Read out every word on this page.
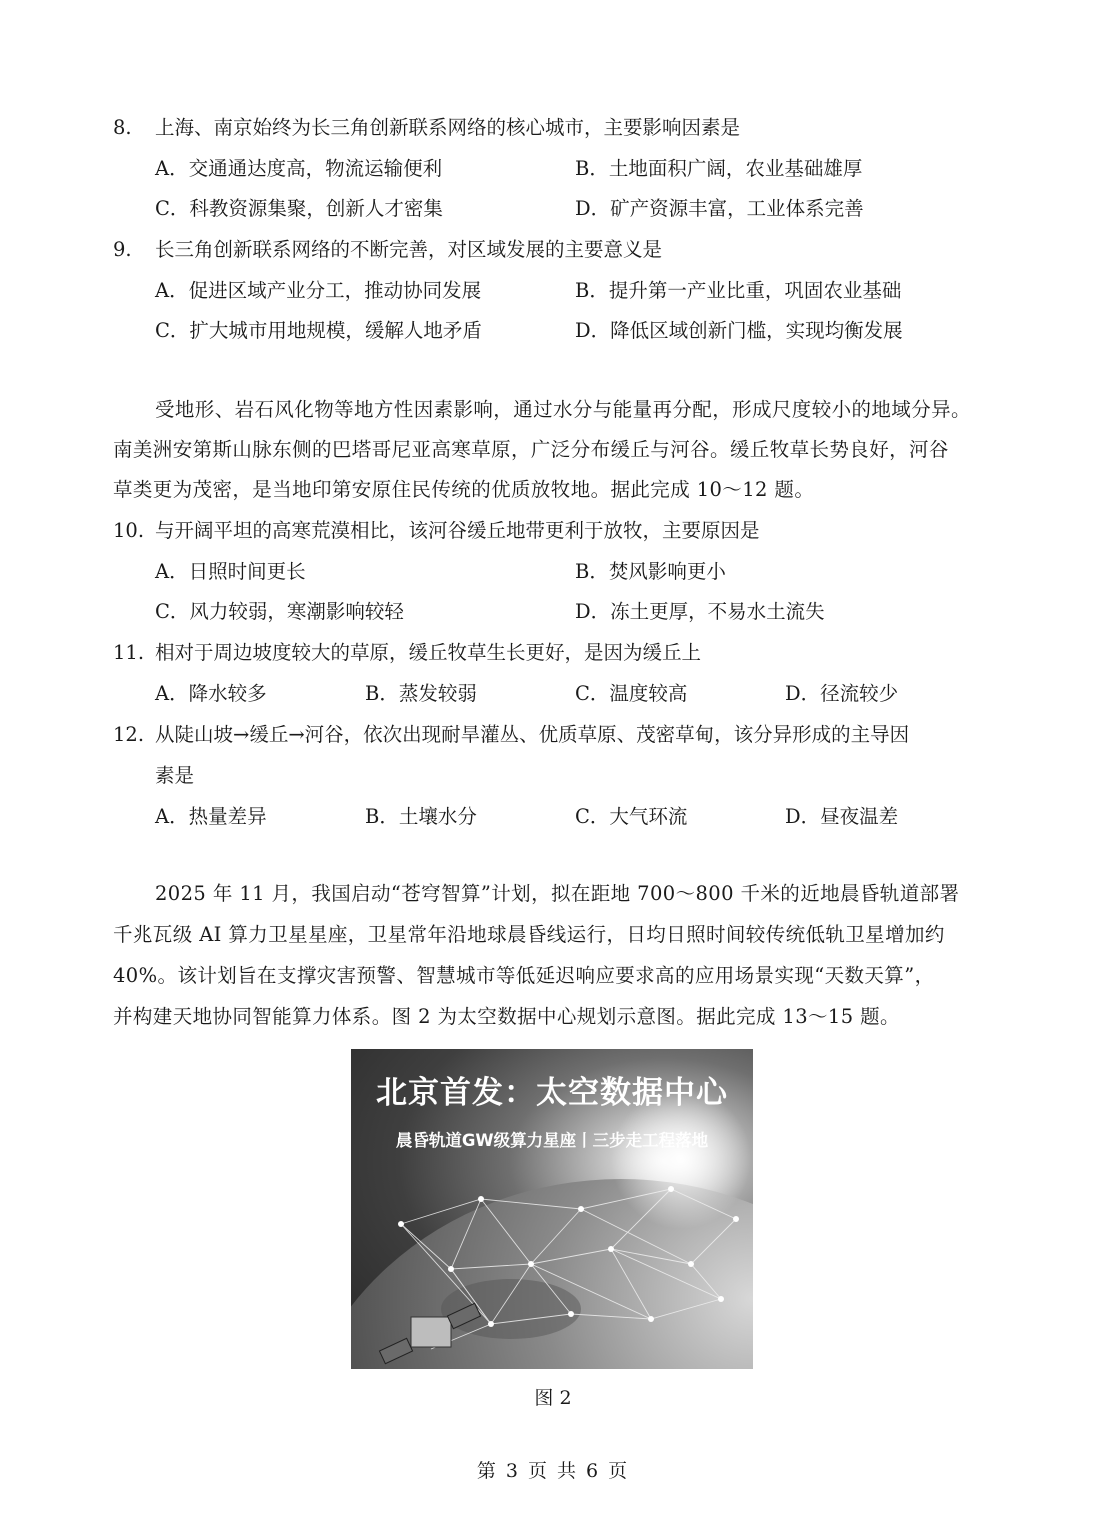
8. 上海、南京始终为长三角创新联系网络的核心城市，主要影响因素是
A．交通通达度高，物流运输便利	B．土地面积广阔，农业基础雄厚
C．科教资源集聚，创新人才密集	D．矿产资源丰富，工业体系完善
9. 长三角创新联系网络的不断完善，对区域发展的主要意义是
A．促进区域产业分工，推动协同发展	B．提升第一产业比重，巩固农业基础
C．扩大城市用地规模，缓解人地矛盾	D．降低区域创新门槛，实现均衡发展
受地形、岩石风化物等地方性因素影响，通过水分与能量再分配，形成尺度较小的地域分异。
南美洲安第斯山脉东侧的巴塔哥尼亚高寒草原，广泛分布缓丘与河谷。缓丘牧草长势良好，河谷
草类更为茂密，是当地印第安原住民传统的优质放牧地。据此完成 10～12 题。
10. 与开阔平坦的高寒荒漠相比，该河谷缓丘地带更利于放牧，主要原因是
A．日照时间更长	B．焚风影响更小
C．风力较弱，寒潮影响较轻	D．冻土更厚，不易水土流失
11. 相对于周边坡度较大的草原，缓丘牧草生长更好，是因为缓丘上
A．降水较多	B．蒸发较弱	C．温度较高	D．径流较少
12. 从陡山坡→缓丘→河谷，依次出现耐旱灌丛、优质草原、茂密草甸，该分异形成的主导因
素是
A．热量差异	B．土壤水分	C．大气环流	D．昼夜温差
2025 年 11 月，我国启动“苍穹智算”计划，拟在距地 700～800 千米的近地晨昏轨道部署
千兆瓦级 AI 算力卫星星座，卫星常年沿地球晨昏线运行，日均日照时间较传统低轨卫星增加约
40%。该计划旨在支撑灾害预警、智慧城市等低延迟响应要求高的应用场景实现“天数天算”，
并构建天地协同智能算力体系。图 2 为太空数据中心规划示意图。据此完成 13～15 题。
北京首发：太空数据中心
晨昏轨道GW级算力星座丨三步走工程落地
图 2
第 3 页 共 6 页
